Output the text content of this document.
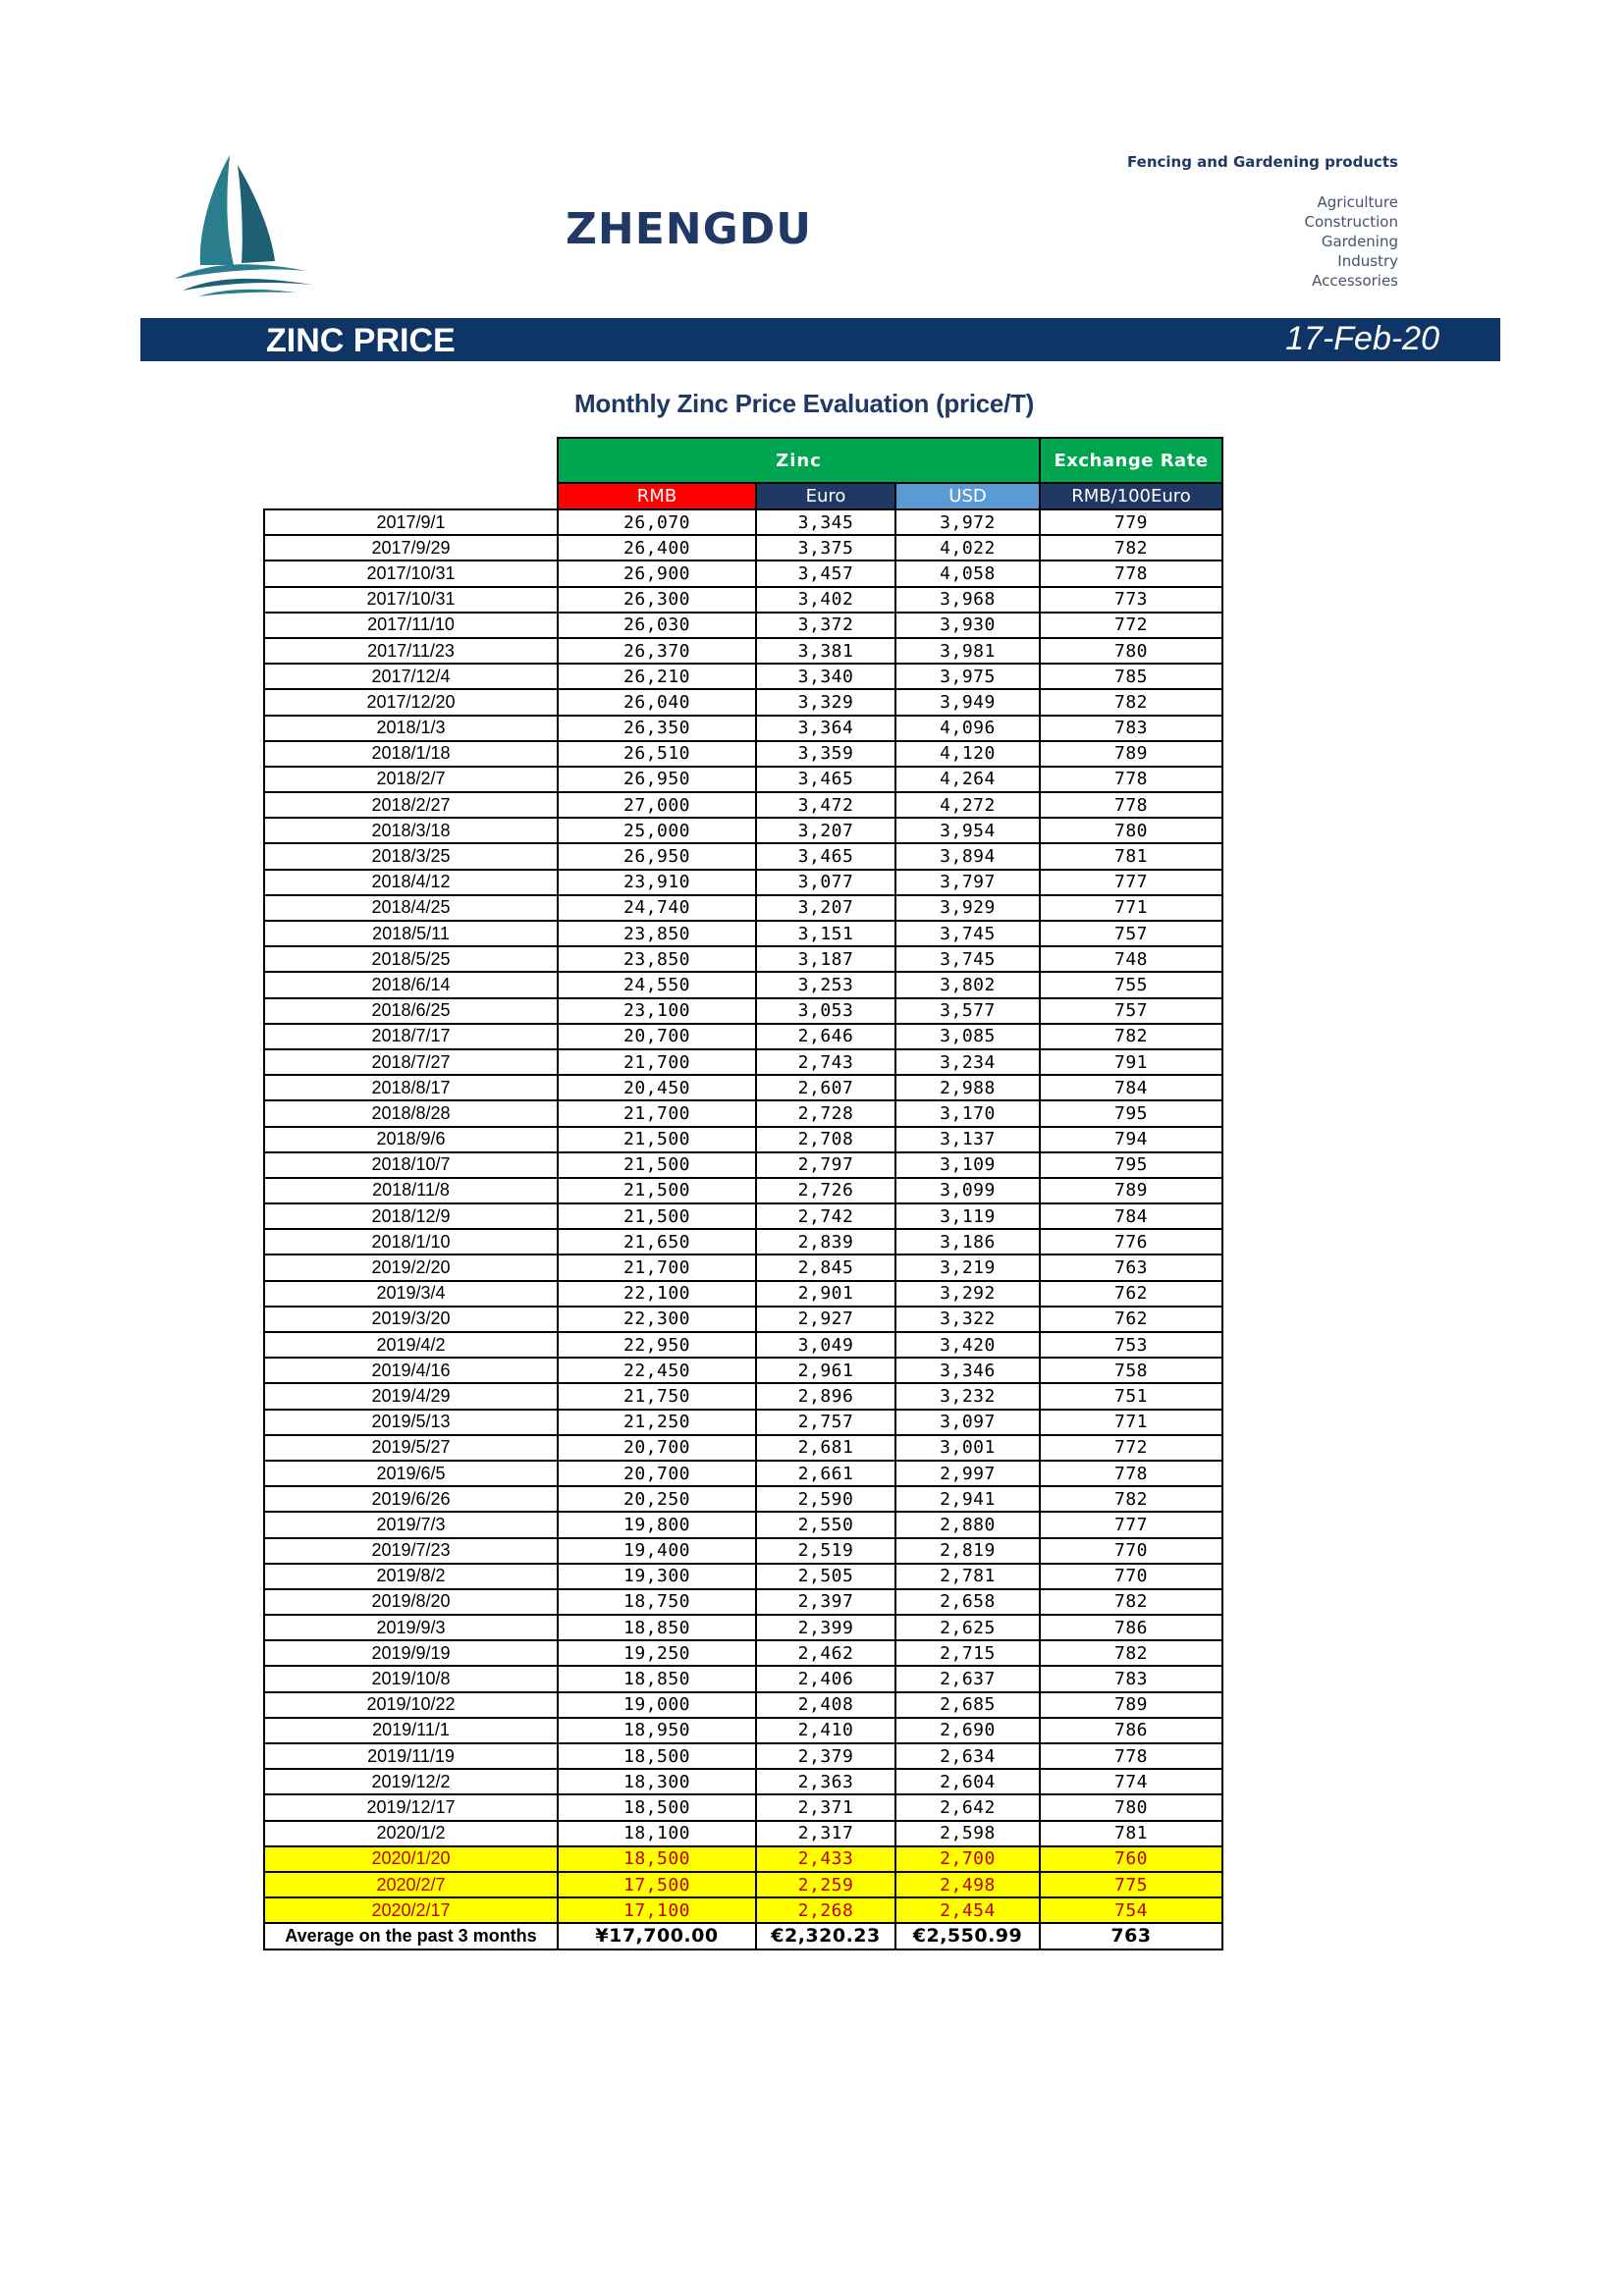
ZHENGDU
Fencing and Gardening products
Agriculture
Construction
Gardening
Industry
Accessories
ZINC PRICE	17-Feb-20
Monthly Zinc Price Evaluation (price/T)
	Zinc			Exchange Rate
	RMB	Euro	USD	RMB/100Euro
2017/9/1	26,070	3,345	3,972	779
2017/9/29	26,400	3,375	4,022	782
2017/10/31	26,900	3,457	4,058	778
2017/10/31	26,300	3,402	3,968	773
2017/11/10	26,030	3,372	3,930	772
2017/11/23	26,370	3,381	3,981	780
2017/12/4	26,210	3,340	3,975	785
2017/12/20	26,040	3,329	3,949	782
2018/1/3	26,350	3,364	4,096	783
2018/1/18	26,510	3,359	4,120	789
2018/2/7	26,950	3,465	4,264	778
2018/2/27	27,000	3,472	4,272	778
2018/3/18	25,000	3,207	3,954	780
2018/3/25	26,950	3,465	3,894	781
2018/4/12	23,910	3,077	3,797	777
2018/4/25	24,740	3,207	3,929	771
2018/5/11	23,850	3,151	3,745	757
2018/5/25	23,850	3,187	3,745	748
2018/6/14	24,550	3,253	3,802	755
2018/6/25	23,100	3,053	3,577	757
2018/7/17	20,700	2,646	3,085	782
2018/7/27	21,700	2,743	3,234	791
2018/8/17	20,450	2,607	2,988	784
2018/8/28	21,700	2,728	3,170	795
2018/9/6	21,500	2,708	3,137	794
2018/10/7	21,500	2,797	3,109	795
2018/11/8	21,500	2,726	3,099	789
2018/12/9	21,500	2,742	3,119	784
2018/1/10	21,650	2,839	3,186	776
2019/2/20	21,700	2,845	3,219	763
2019/3/4	22,100	2,901	3,292	762
2019/3/20	22,300	2,927	3,322	762
2019/4/2	22,950	3,049	3,420	753
2019/4/16	22,450	2,961	3,346	758
2019/4/29	21,750	2,896	3,232	751
2019/5/13	21,250	2,757	3,097	771
2019/5/27	20,700	2,681	3,001	772
2019/6/5	20,700	2,661	2,997	778
2019/6/26	20,250	2,590	2,941	782
2019/7/3	19,800	2,550	2,880	777
2019/7/23	19,400	2,519	2,819	770
2019/8/2	19,300	2,505	2,781	770
2019/8/20	18,750	2,397	2,658	782
2019/9/3	18,850	2,399	2,625	786
2019/9/19	19,250	2,462	2,715	782
2019/10/8	18,850	2,406	2,637	783
2019/10/22	19,000	2,408	2,685	789
2019/11/1	18,950	2,410	2,690	786
2019/11/19	18,500	2,379	2,634	778
2019/12/2	18,300	2,363	2,604	774
2019/12/17	18,500	2,371	2,642	780
2020/1/2	18,100	2,317	2,598	781
2020/1/20	18,500	2,433	2,700	760
2020/2/7	17,500	2,259	2,498	775
2020/2/17	17,100	2,268	2,454	754
Average on the past 3 months	¥17,700.00	€2,320.23	€2,550.99	763
